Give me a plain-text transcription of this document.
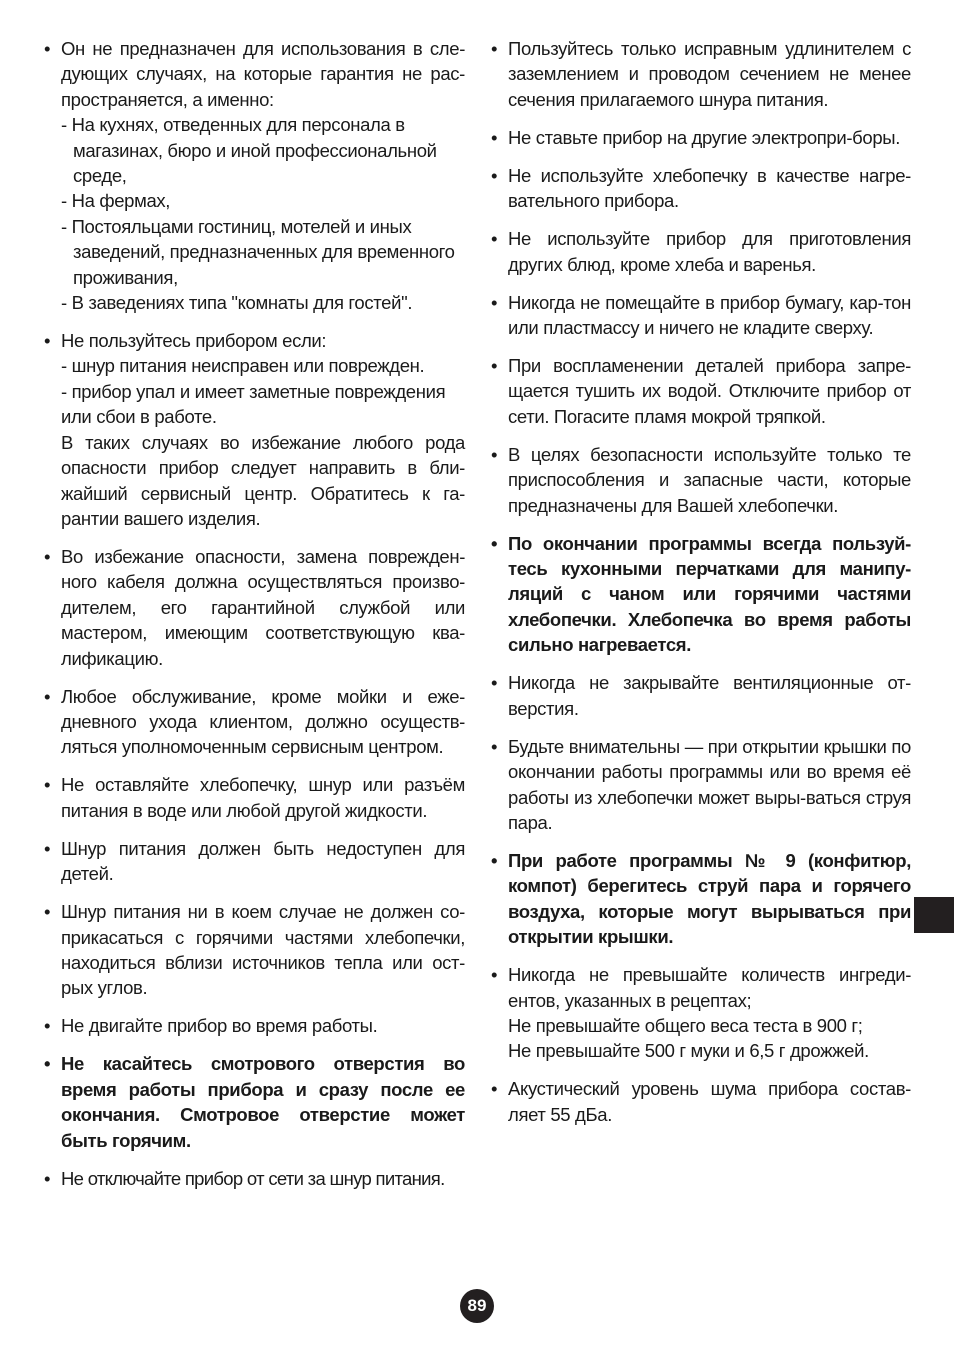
• Он не предназначен для использования в сле-дующих случаях, на которые гарантия не рас-пространяется, а именно:
- На кухнях, отведенных для персонала в магазинах, бюро и иной профессиональной среде,
- На фермах,
- Постояльцами гостиниц, мотелей и иных заведений, предназначенных для временного проживания,
- В заведениях типа "комнаты для гостей".
• Не пользуйтесь прибором если:
- шнур питания неисправен или поврежден.
- прибор упал и имеет заметные повреждения или сбои в работе.
В таких случаях во избежание любого рода опасности прибор следует направить в бли-жайший сервисный центр. Обратитесь к га-рантии вашего изделия.
• Во избежание опасности, замена поврежден-ного кабеля должна осуществляться произво-дителем, его гарантийной службой или мастером, имеющим соответствующую ква-лификацию.
• Любое обслуживание, кроме мойки и еже-дневного ухода клиентом, должно осуществ-ляться уполномоченным сервисным центром.
• Не оставляйте хлебопечку, шнур или разъём питания в воде или любой другой жидкости.
• Шнур питания должен быть недоступен для детей.
• Шнур питания ни в коем случае не должен со-прикасаться с горячими частями хлебопечки, находиться вблизи источников тепла или ост-рых углов.
• Не двигайте прибор во время работы.
• Не касайтесь смотрового отверстия во время работы прибора и сразу после ее окончания. Смотровое отверстие может быть горячим.
• Не отключайте прибор от сети за шнур питания.
• Пользуйтесь только исправным удлинителем с заземлением и проводом сечением не менее сечения прилагаемого шнура питания.
• Не ставьте прибор на другие электропри-боры.
• Не используйте хлебопечку в качестве нагре-вательного прибора.
• Не используйте прибор для приготовления других блюд, кроме хлеба и варенья.
• Никогда не помещайте в прибор бумагу, кар-тон или пластмассу и ничего не кладите сверху.
• При воспламенении деталей прибора запре-щается тушить их водой. Отключите прибор от сети. Погасите пламя мокрой тряпкой.
• В целях безопасности используйте только те приспособления и запасные части, которые предназначены для Вашей хлебопечки.
• По окончании программы всегда пользуй-тесь кухонными перчатками для манипу-ляций с чаном или горячими частями хлебопечки. Хлебопечка во время работы сильно нагревается.
• Никогда не закрывайте вентиляционные от-верстия.
• Будьте внимательны — при открытии крышки по окончании работы программы или во время её работы из хлебопечки может выры-ваться струя пара.
• При работе программы № 9 (конфитюр, компот) берегитесь струй пара и горячего воздуха, которые могут вырываться при открытии крышки.
• Никогда не превышайте количеств ингреди-ентов, указанных в рецептах;
Не превышайте общего веса теста в 900 г;
Не превышайте 500 г муки и 6,5 г дрожжей.
• Акустический уровень шума прибора состав-ляет 55 дБа.
89
